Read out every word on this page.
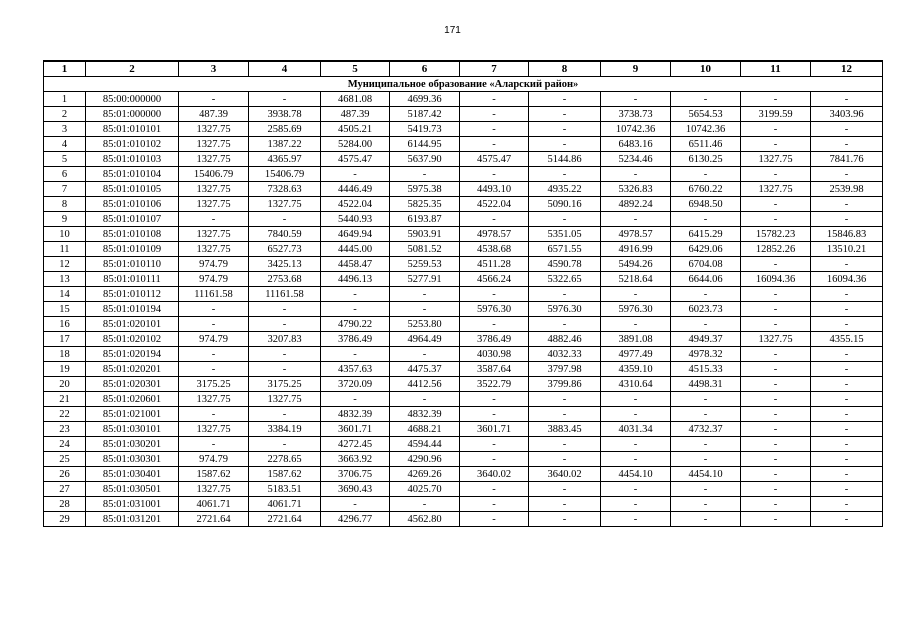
171
1	2	3	4	5	6	7	8	9	10	11	12
Муниципальное образование «Аларский район»											
1	85:00:000000	-	-	4681.08	4699.36	-	-	-	-	-	-
2	85:01:000000	487.39	3938.78	487.39	5187.42	-	-	3738.73	5654.53	3199.59	3403.96
3	85:01:010101	1327.75	2585.69	4505.21	5419.73	-	-	10742.36	10742.36	-	-
4	85:01:010102	1327.75	1387.22	5284.00	6144.95	-	-	6483.16	6511.46	-	-
5	85:01:010103	1327.75	4365.97	4575.47	5637.90	4575.47	5144.86	5234.46	6130.25	1327.75	7841.76
6	85:01:010104	15406.79	15406.79	-	-	-	-	-	-	-	-
7	85:01:010105	1327.75	7328.63	4446.49	5975.38	4493.10	4935.22	5326.83	6760.22	1327.75	2539.98
8	85:01:010106	1327.75	1327.75	4522.04	5825.35	4522.04	5090.16	4892.24	6948.50	-	-
9	85:01:010107	-	-	5440.93	6193.87	-	-	-	-	-	-
10	85:01:010108	1327.75	7840.59	4649.94	5903.91	4978.57	5351.05	4978.57	6415.29	15782.23	15846.83
11	85:01:010109	1327.75	6527.73	4445.00	5081.52	4538.68	6571.55	4916.99	6429.06	12852.26	13510.21
12	85:01:010110	974.79	3425.13	4458.47	5259.53	4511.28	4590.78	5494.26	6704.08	-	-
13	85:01:010111	974.79	2753.68	4496.13	5277.91	4566.24	5322.65	5218.64	6644.06	16094.36	16094.36
14	85:01:010112	11161.58	11161.58	-	-	-	-	-	-	-	-
15	85:01:010194	-	-	-	-	5976.30	5976.30	5976.30	6023.73	-	-
16	85:01:020101	-	-	4790.22	5253.80	-	-	-	-	-	-
17	85:01:020102	974.79	3207.83	3786.49	4964.49	3786.49	4882.46	3891.08	4949.37	1327.75	4355.15
18	85:01:020194	-	-	-	-	4030.98	4032.33	4977.49	4978.32	-	-
19	85:01:020201	-	-	4357.63	4475.37	3587.64	3797.98	4359.10	4515.33	-	-
20	85:01:020301	3175.25	3175.25	3720.09	4412.56	3522.79	3799.86	4310.64	4498.31	-	-
21	85:01:020601	1327.75	1327.75	-	-	-	-	-	-	-	-
22	85:01:021001	-	-	4832.39	4832.39	-	-	-	-	-	-
23	85:01:030101	1327.75	3384.19	3601.71	4688.21	3601.71	3883.45	4031.34	4732.37	-	-
24	85:01:030201	-	-	4272.45	4594.44	-	-	-	-	-	-
25	85:01:030301	974.79	2278.65	3663.92	4290.96	-	-	-	-	-	-
26	85:01:030401	1587.62	1587.62	3706.75	4269.26	3640.02	3640.02	4454.10	4454.10	-	-
27	85:01:030501	1327.75	5183.51	3690.43	4025.70	-	-	-	-	-	-
28	85:01:031001	4061.71	4061.71	-	-	-	-	-	-	-	-
29	85:01:031201	2721.64	2721.64	4296.77	4562.80	-	-	-	-	-	-
